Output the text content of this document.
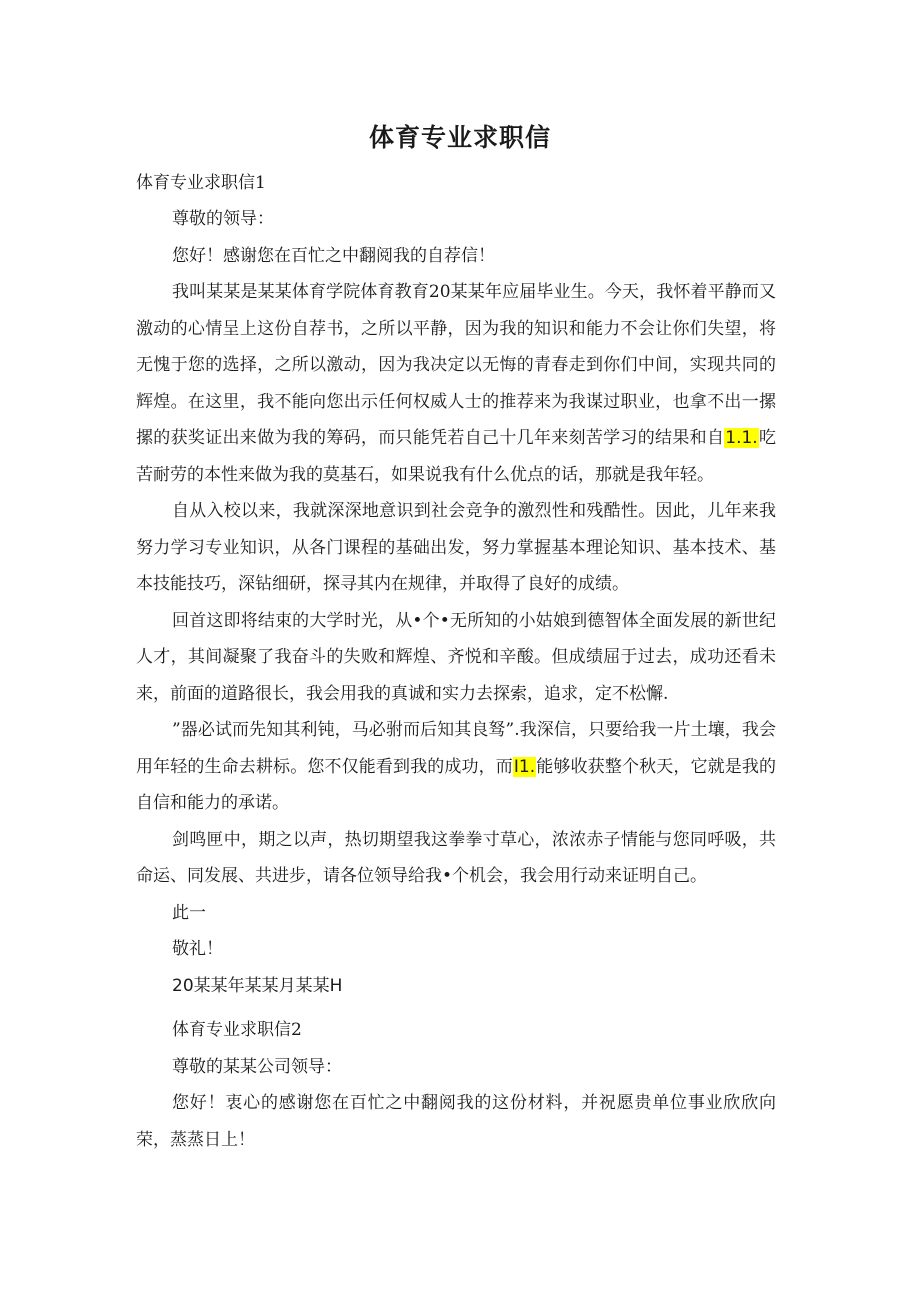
体育专业求职信

体育专业求职信1

尊敬的领导：

您好！感谢您在百忙之中翻阅我的自荐信！

我叫某某是某某体育学院体育教育20某某年应届毕业生。今天，我怀着平静而又激动的心情呈上这份自荐书，之所以平静，因为我的知识和能力不会让你们失望，将无愧于您的选择，之所以激动，因为我决定以无悔的青春走到你们中间，实现共同的辉煌。在这里，我不能向您出示任何权威人士的推荐来为我谋过职业，也拿不出一摞摞的获奖证出来做为我的筹码，而只能凭若自己十几年来刻苦学习的结果和自1.1.吃苦耐劳的本性来做为我的莫基石，如果说我有什么优点的话，那就是我年轻。

自从入校以来，我就深深地意识到社会竞争的激烈性和残酷性。因此，儿年来我努力学习专业知识，从各门课程的基础出发，努力掌握基本理论知识、基本技术、基本技能技巧，深钻细研，探寻其内在规律，并取得了良好的成绩。

回首这即将结束的大学时光，从•个•无所知的小姑娘到德智体全面发展的新世纪人才，其间凝聚了我奋斗的失败和辉煌、齐悦和辛酸。但成绩屈于过去，成功还看未来，前面的道路很长，我会用我的真诚和实力去探索，追求，定不松懈.

”器必试而先知其利钝，马必驸而后知其良驽”.我深信，只要给我一片土壤，我会用年轻的生命去耕标。您不仅能看到我的成功，而I1.能够收获整个秋天，它就是我的自信和能力的承诺。

剑鸣匣中，期之以声，热切期望我这拳拳寸草心，浓浓赤子情能与您同呼吸，共命运、同发展、共进步，请各位领导给我•个机会，我会用行动来证明自己。

此一

敬礼！

20某某年某某月某某H

体育专业求职信2

尊敬的某某公司领导：

您好！衷心的感谢您在百忙之中翻阅我的这份材料，并祝愿贵单位事业欣欣向荣，蒸蒸日上！
